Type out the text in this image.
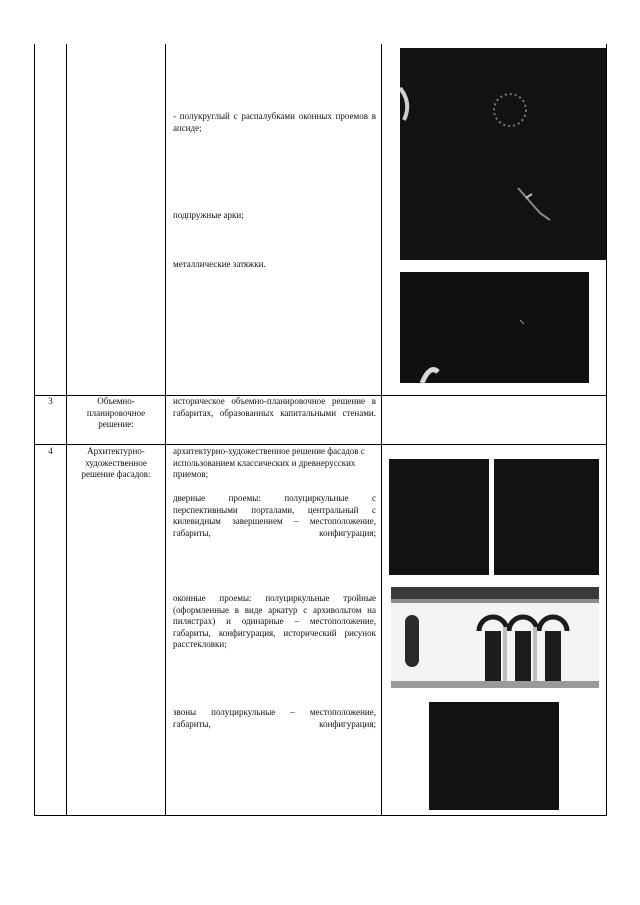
- полукруглый с распалубками оконных проемов в апсиде;
подпружные арки;
металлические затяжки.
3	Объемно-планировочное решение:
историческое объемно-планировочное решение в габаритах, образованных капитальными стенами.
4	Архитектурно-художественное решение фасадов:
архитектурно-художественное решение фасадов с использованием классических и древнерусских приемов;
дверные проемы: полуциркульные с перспективными порталами, центральный с килевидным завершением – местоположение, габариты, конфигурация;
оконные проемы: полуциркульные тройные (оформленные в виде аркатур с архивольтом на пилястрах) и одинарные – местоположение, габариты, конфигурация, исторический рисунок расстекловки;
звоны полуциркульные – местоположение, габариты, конфигурация;
